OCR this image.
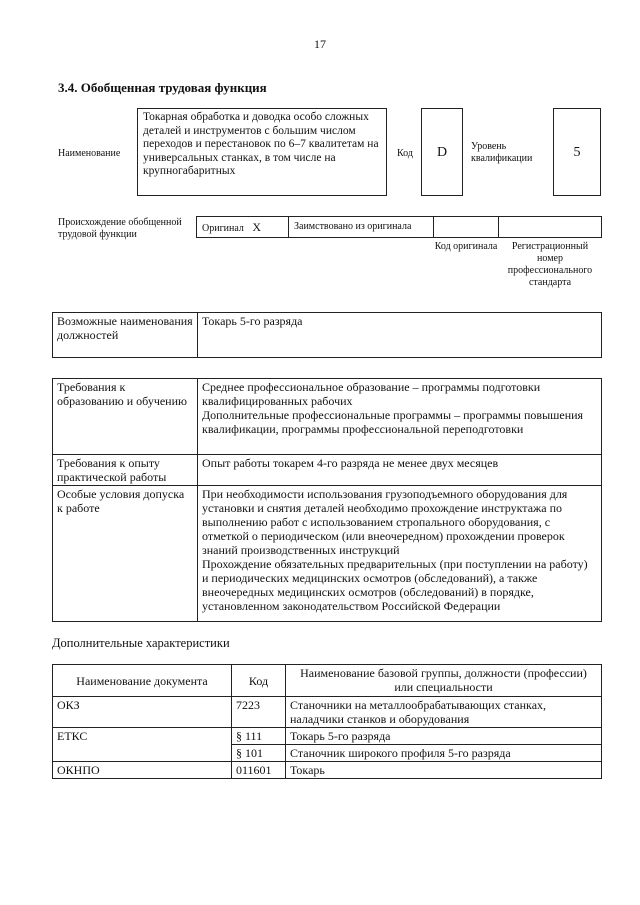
17
3.4. Обобщенная трудовая функция
Наименование
Токарная обработка и доводка особо сложных деталей и инструментов с большим числом переходов и перестановок по 6–7 квалитетам на универсальных станках, в том числе на крупногабаритных
Код	D	Уровень квалификации	5
Происхождение обобщенной трудовой функции
Оригинал X	Заимствовано из оригинала
Код оригинала	Регистрационный номер профессионального стандарта
Возможные наименования должностей	Токарь 5-го разряда
Требования к образованию и обучению	Среднее профессиональное образование – программы подготовки квалифицированных рабочих
Дополнительные профессиональные программы – программы повышения квалификации, программы профессиональной переподготовки

Требования к опыту практической работы	Опыт работы токарем 4-го разряда не менее двух месяцев

Особые условия допуска к работе	При необходимости использования грузоподъемного оборудования для установки и снятия деталей необходимо прохождение инструктажа по выполнению работ с использованием стропального оборудования, с отметкой о периодическом (или внеочередном) прохождении проверок знаний производственных инструкций
Прохождение обязательных предварительных (при поступлении на работу) и периодических медицинских осмотров (обследований), а также внеочередных медицинских осмотров (обследований) в порядке, установленном законодательством Российской Федерации
Дополнительные характеристики
Наименование документа	Код	Наименование базовой группы, должности (профессии) или специальности
ОКЗ	7223	Станочники на металлообрабатывающих станках, наладчики станков и оборудования
ЕТКС	§ 111	Токарь 5-го разряда
	§ 101	Станочник широкого профиля 5-го разряда
ОКНПО	011601	Токарь
